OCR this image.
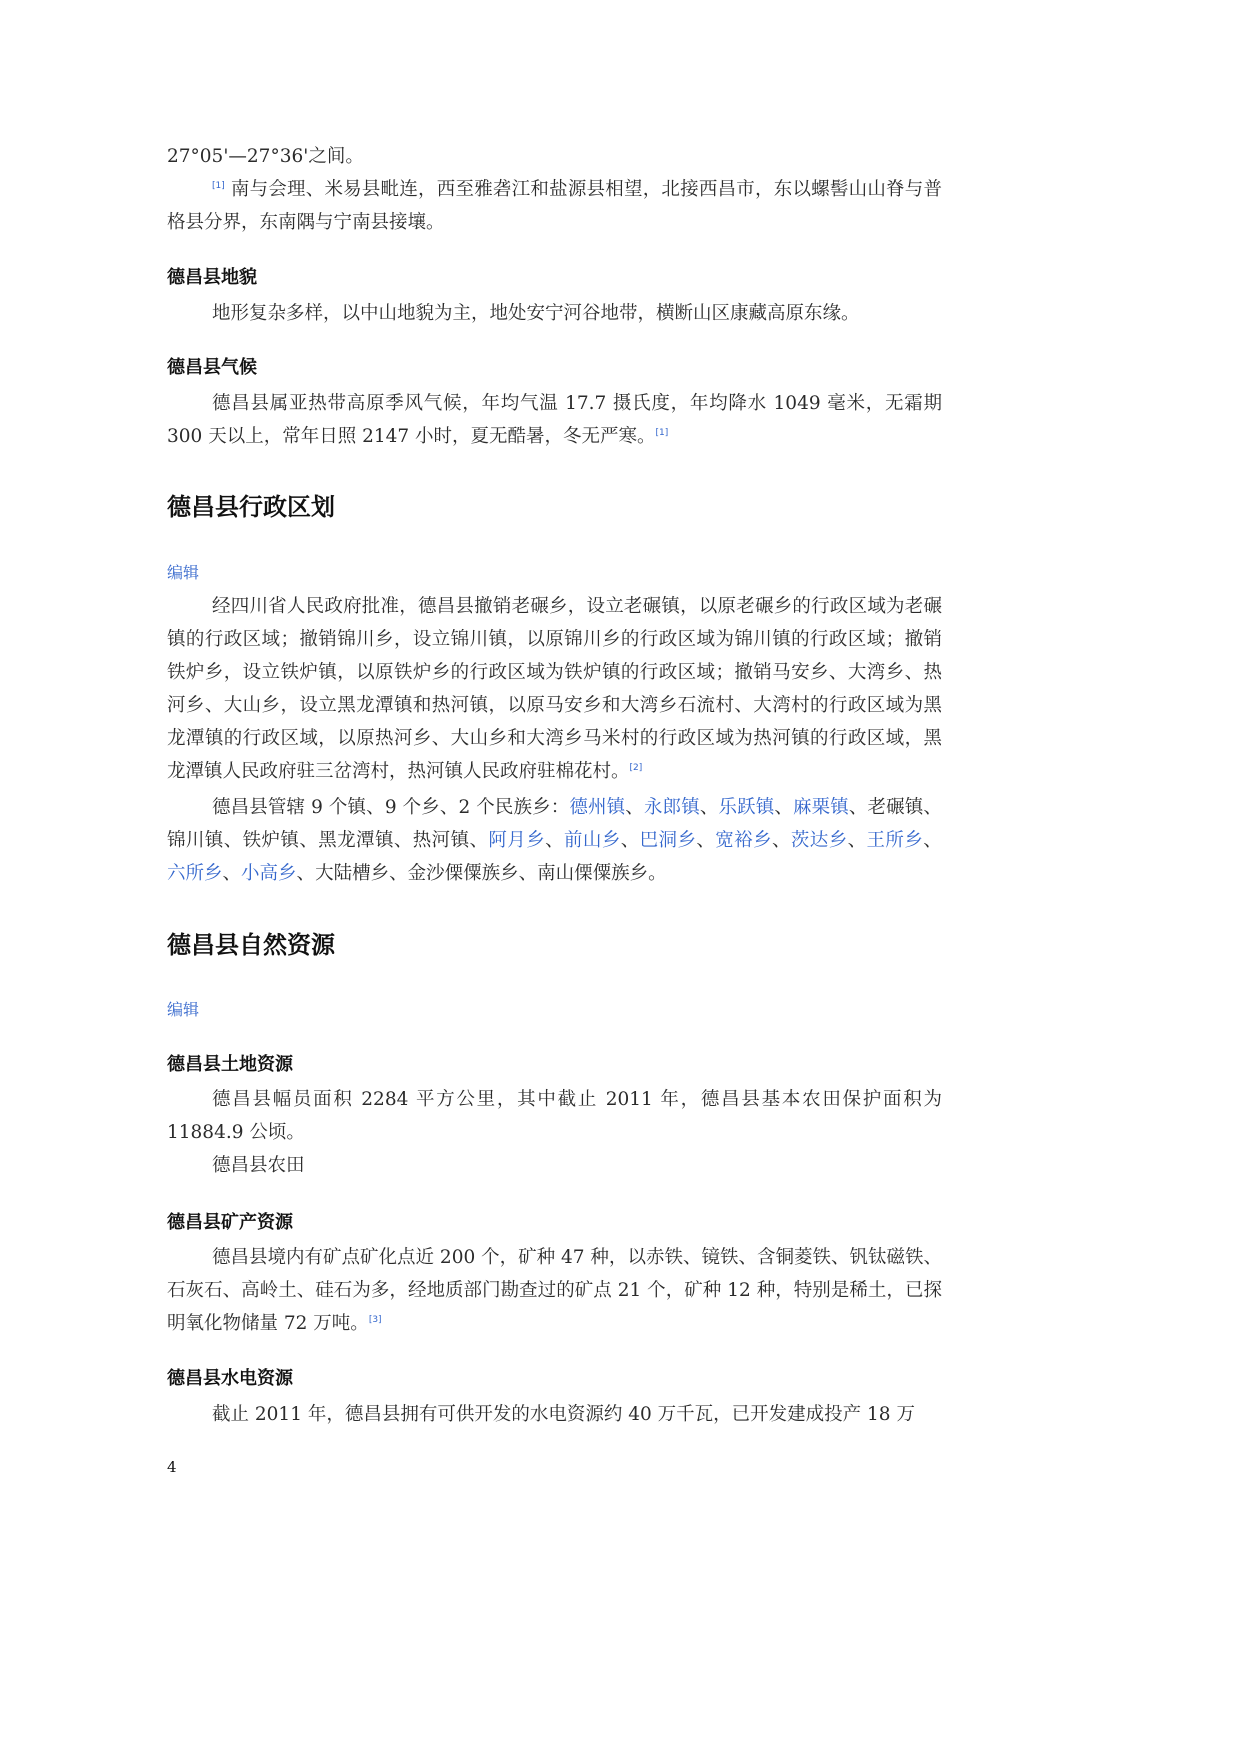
27°05'—27°36'之间。

[1] 南与会理、米易县毗连，西至雅砻江和盐源县相望，北接西昌市，东以螺髻山山脊与普格县分界，东南隅与宁南县接壤。

德昌县地貌

地形复杂多样，以中山地貌为主，地处安宁河谷地带，横断山区康藏高原东缘。

德昌县气候

德昌县属亚热带高原季风气候，年均气温 17.7 摄氏度，年均降水 1049 毫米，无霜期 300 天以上，常年日照 2147 小时，夏无酷暑，冬无严寒。[1]

德昌县行政区划
编辑

经四川省人民政府批准，德昌县撤销老碾乡，设立老碾镇，以原老碾乡的行政区域为老碾镇的行政区域；撤销锦川乡，设立锦川镇，以原锦川乡的行政区域为锦川镇的行政区域；撤销铁炉乡，设立铁炉镇，以原铁炉乡的行政区域为铁炉镇的行政区域；撤销马安乡、大湾乡、热河乡、大山乡，设立黑龙潭镇和热河镇，以原马安乡和大湾乡石流村、大湾村的行政区域为黑龙潭镇的行政区域，以原热河乡、大山乡和大湾乡马米村的行政区域为热河镇的行政区域，黑龙潭镇人民政府驻三岔湾村，热河镇人民政府驻棉花村。[2]

德昌县管辖 9 个镇、9 个乡、2 个民族乡：德州镇、永郎镇、乐跃镇、麻栗镇、老碾镇、锦川镇、铁炉镇、黑龙潭镇、热河镇、阿月乡、前山乡、巴洞乡、宽裕乡、茨达乡、王所乡、六所乡、小高乡、大陆槽乡、金沙傈僳族乡、南山傈僳族乡。

德昌县自然资源
编辑
德昌县土地资源

德昌县幅员面积 2284 平方公里，其中截止 2011 年，德昌县基本农田保护面积为 11884.9 公顷。

德昌县农田

德昌县矿产资源

德昌县境内有矿点矿化点近 200 个，矿种 47 种，以赤铁、镜铁、含铜菱铁、钒钛磁铁、石灰石、高岭土、硅石为多，经地质部门勘查过的矿点 21 个，矿种 12 种，特别是稀土，已探明氧化物储量 72 万吨。[3]

德昌县水电资源

截止 2011 年，德昌县拥有可供开发的水电资源约 40 万千瓦，已开发建成投产 18 万

4
